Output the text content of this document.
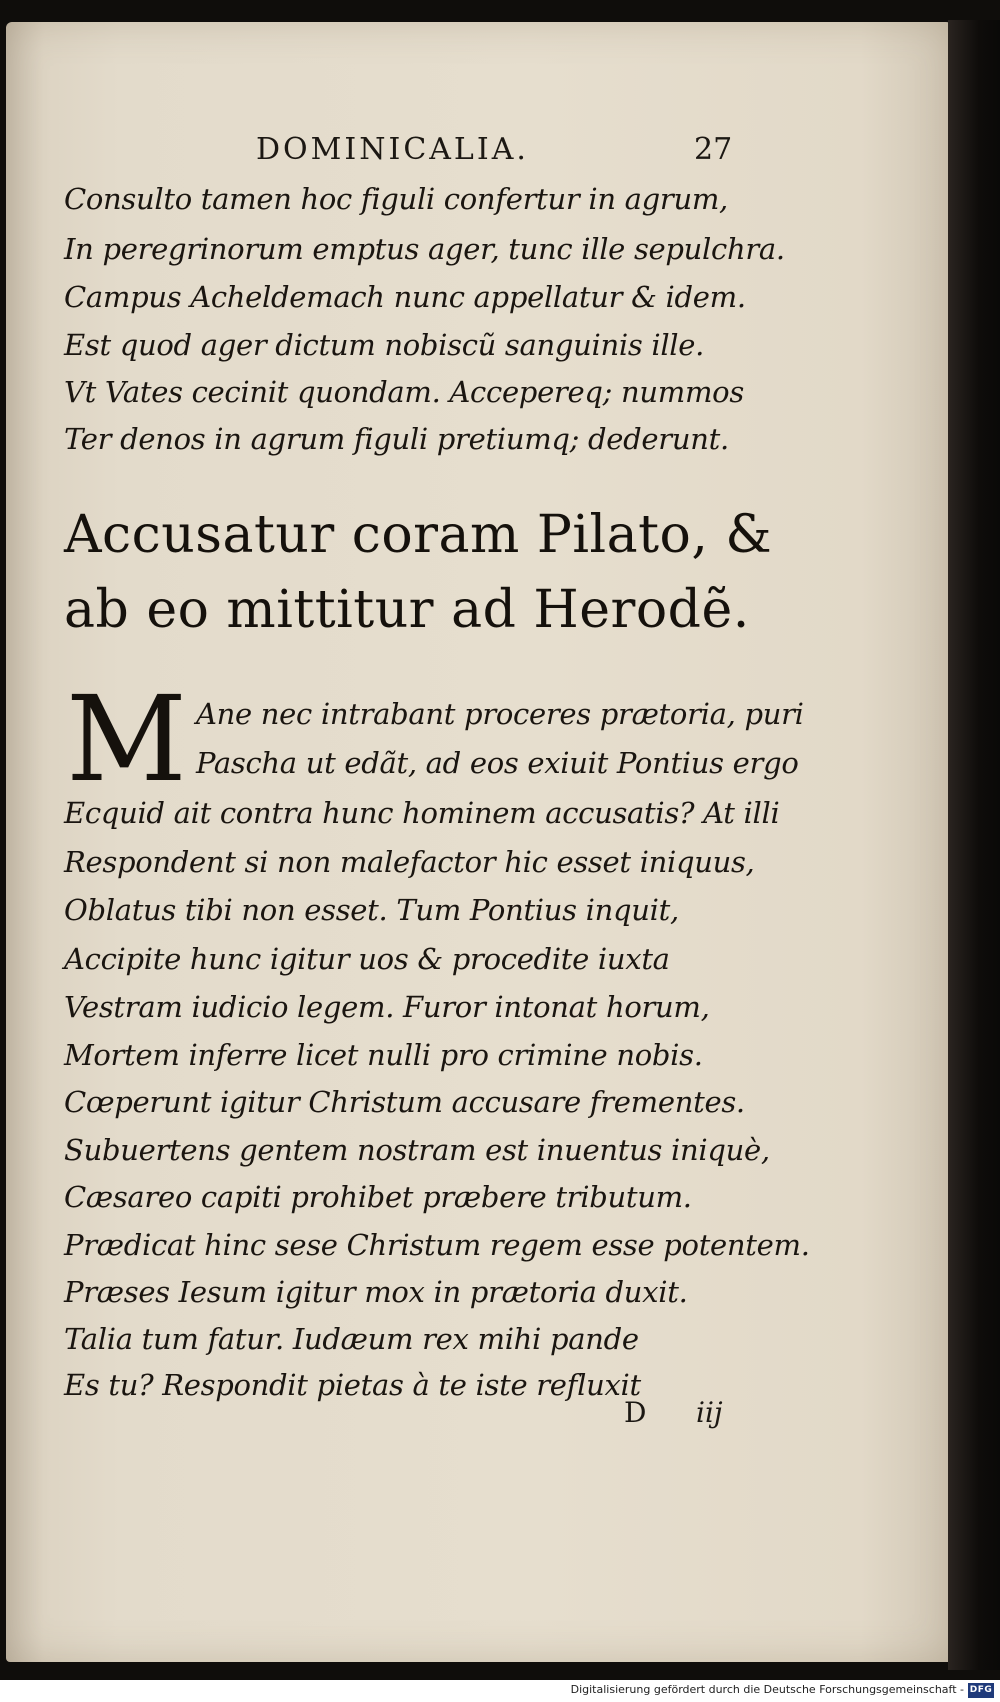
DOMINICALIA.	27
Consulto tamen hoc figuli confertur in agrum,
In peregrinorum emptus ager, tunc ille sepulchra.
Campus Acheldemach nunc appellatur & idem.
Est quod ager dictum nobiscũ sanguinis ille.
Vt Vates cecinit quondam. Accepereq; nummos
Ter denos in agrum figuli pretiumq; dederunt.
Accusatur coram Pilato, &
ab eo mittitur ad Herodẽ.
M Ane nec intrabant proceres prætoria, puri
Pascha ut edãt, ad eos exiuit Pontius ergo
Ecquid ait contra hunc hominem accusatis? At illi
Respondent si non malefactor hic esset iniquus,
Oblatus tibi non esset. Tum Pontius inquit,
Accipite hunc igitur uos & procedite iuxta
Vestram iudicio legem. Furor intonat horum,
Mortem inferre licet nulli pro crimine nobis.
Cœperunt igitur Christum accusare frementes.
Subuertens gentem nostram est inuentus iniquè,
Cæsareo capiti prohibet præbere tributum.
Prædicat hinc sese Christum regem esse potentem.
Præses Iesum igitur mox in prætoria duxit.
Talia tum fatur. Iudæum rex mihi pande
Es tu? Respondit pietas à te iste refluxit
D iij
Digitalisierung gefördert durch die Deutsche Forschungsgemeinschaft - DFG
